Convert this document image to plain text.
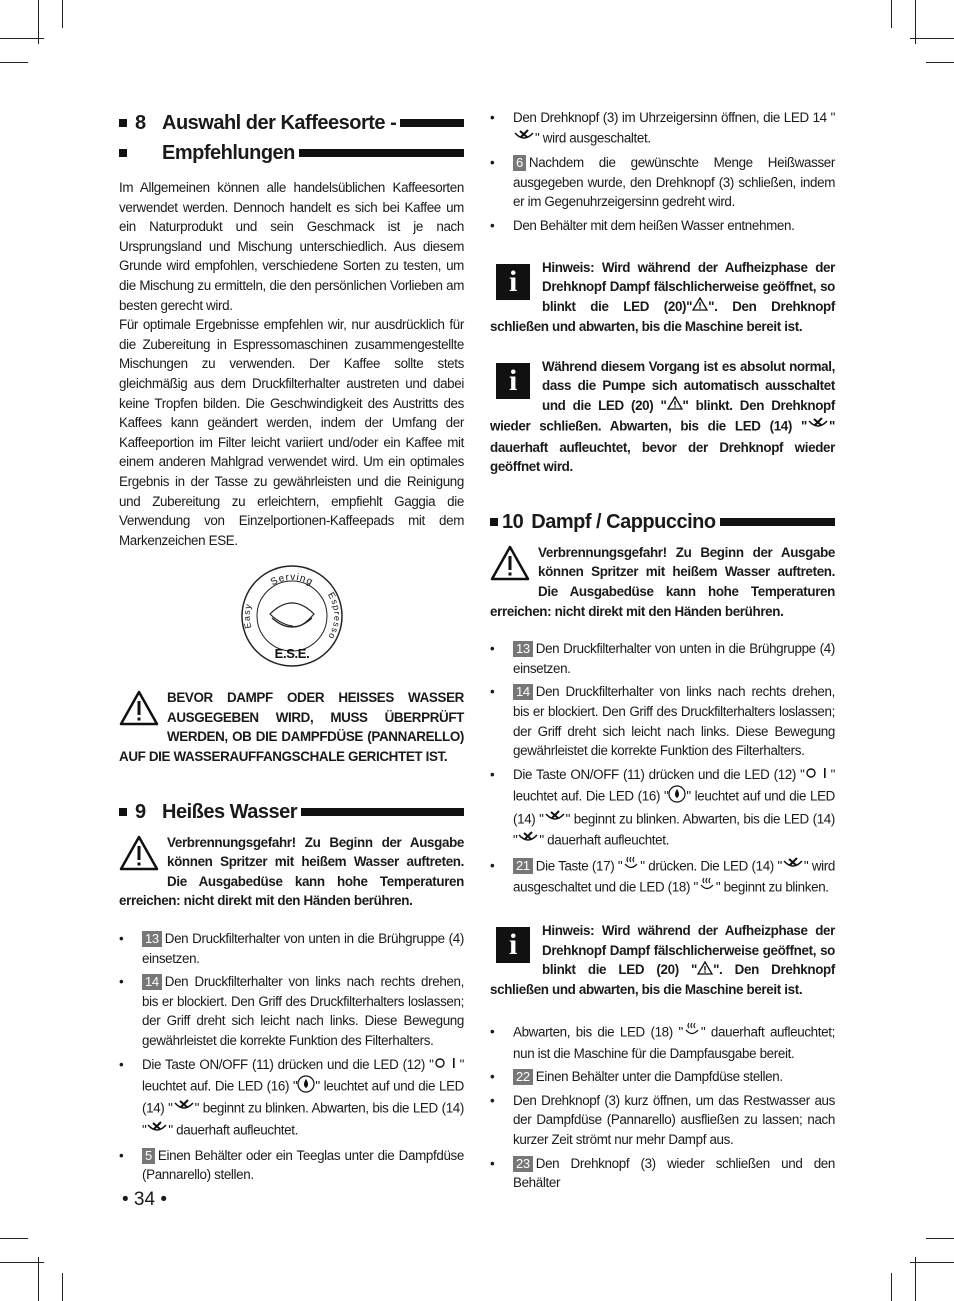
8 Auswahl der Kaffeesorte -
Empfehlungen
Im Allgemeinen können alle handelsüblichen Kaffeesorten verwendet werden. Dennoch handelt es sich bei Kaffee um ein Naturprodukt und sein Geschmack ist je nach Ursprungsland und Mischung unterschiedlich. Aus diesem Grunde wird empfohlen, verschiedene Sorten zu testen, um die Mischung zu ermitteln, die den persönlichen Vorlieben am besten gerecht wird.
Für optimale Ergebnisse empfehlen wir, nur ausdrücklich für die Zubereitung in Espressomaschinen zusammengestellte Mischungen zu verwenden. Der Kaffee sollte stets gleichmäßig aus dem Druckfilterhalter austreten und dabei keine Tropfen bilden. Die Geschwindigkeit des Austritts des Kaffees kann geändert werden, indem der Umfang der Kaffeeportion im Filter leicht variiert und/oder ein Kaffee mit einem anderen Mahlgrad verwendet wird. Um ein optimales Ergebnis in der Tasse zu gewährleisten und die Reinigung und Zubereitung zu erleichtern, empfiehlt Gaggia die Verwendung von Einzelportionen-Kaffeepads mit dem Markenzeichen ESE.
Serving
Easy
Espresso
E.S.E.
BEVOR DAMPF ODER HEISSES WASSER AUSGEGEBEN WIRD, MUSS ÜBERPRÜFT WERDEN, OB DIE DAMPFDÜSE (PANNARELLO) AUF DIE WASSERAUFFANGSCHALE GERICHTET IST.
9 Heißes Wasser
Verbrennungsgefahr! Zu Beginn der Ausgabe können Spritzer mit heißem Wasser auftreten. Die Ausgabedüse kann hohe Temperaturen erreichen: nicht direkt mit den Händen berühren.
• 13 Den Druckfilterhalter von unten in die Brühgruppe (4) einsetzen.
• 14 Den Druckfilterhalter von links nach rechts drehen, bis er blockiert. Den Griff des Druckfilterhalters loslassen; der Griff dreht sich leicht nach links. Diese Bewegung gewährleistet die korrekte Funktion des Filterhalters.
• Die Taste ON/OFF (11) drücken und die LED (12) " " leuchtet auf. Die LED (16) " " leuchtet auf und die LED (14) " " beginnt zu blinken. Abwarten, bis die LED (14) " " dauerhaft aufleuchtet.
• 5 Einen Behälter oder ein Teeglas unter die Dampfdüse (Pannarello) stellen.
• 34 •
• Den Drehknopf (3) im Uhrzeigersinn öffnen, die LED 14 "" wird ausgeschaltet.
• 6 Nachdem die gewünschte Menge Heißwasser ausgegeben wurde, den Drehknopf (3) schließen, indem er im Gegenuhrzeigersinn gedreht wird.
• Den Behälter mit dem heißen Wasser entnehmen.
i	Hinweis: Wird während der Aufheizphase der Drehknopf Dampf fälschlicherweise geöffnet, so blinkt die LED (20)" ". Den Drehknopf schließen und abwarten, bis die Maschine bereit ist.
i	Während diesem Vorgang ist es absolut normal, dass die Pumpe sich automatisch ausschaltet und die LED (20) " " blinkt. Den Drehknopf wieder schließen. Abwarten, bis die LED (14) " " dauerhaft aufleuchtet, bevor der Drehknopf wieder geöffnet wird.
10 Dampf / Cappuccino
Verbrennungsgefahr! Zu Beginn der Ausgabe können Spritzer mit heißem Wasser auftreten. Die Ausgabedüse kann hohe Temperaturen erreichen: nicht direkt mit den Händen berühren.
• 13 Den Druckfilterhalter von unten in die Brühgruppe (4) einsetzen.
• 14 Den Druckfilterhalter von links nach rechts drehen, bis er blockiert. Den Griff des Druckfilterhalters loslassen; der Griff dreht sich leicht nach links. Diese Bewegung gewährleistet die korrekte Funktion des Filterhalters.
• Die Taste ON/OFF (11) drücken und die LED (12) " " leuchtet auf. Die LED (16) " " leuchtet auf und die LED (14) " " beginnt zu blinken. Abwarten, bis die LED (14) " " dauerhaft aufleuchtet.
• 21 Die Taste (17) " " drücken. Die LED (14) " " wird ausgeschaltet und die LED (18) " " beginnt zu blinken.
i	Hinweis: Wird während der Aufheizphase der Drehknopf Dampf fälschlicherweise geöffnet, so blinkt die LED (20) " ". Den Drehknopf schließen und abwarten, bis die Maschine bereit ist.
• Abwarten, bis die LED (18) " " dauerhaft aufleuchtet; nun ist die Maschine für die Dampfausgabe bereit.
• 22 Einen Behälter unter die Dampfdüse stellen.
• Den Drehknopf (3) kurz öffnen, um das Restwasser aus der Dampfdüse (Pannarello) ausfließen zu lassen; nach kurzer Zeit strömt nur mehr Dampf aus.
• 23 Den Drehknopf (3) wieder schließen und den Behälter
